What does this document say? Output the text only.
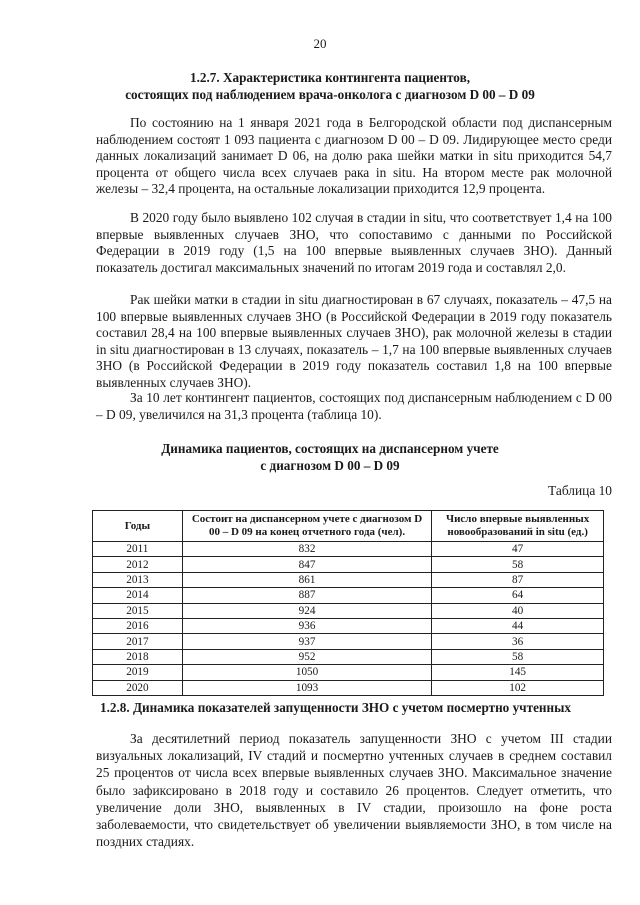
20
1.2.7. Характеристика контингента пациентов,
состоящих под наблюдением врача-онколога с диагнозом D 00 – D 09

По состоянию на 1 января 2021 года в Белгородской области под диспансерным наблюдением состоят 1 093 пациента с диагнозом D 00 – D 09. Лидирующее место среди данных локализаций занимает D 06, на долю рака шейки матки in situ приходится 54,7 процента от общего числа всех случаев рака in situ. На втором месте рак молочной железы – 32,4 процента, на остальные локализации приходится 12,9 процента.

В 2020 году было выявлено 102 случая в стадии in situ, что соответствует 1,4 на 100 впервые выявленных случаев ЗНО, что сопоставимо с данными по Российской Федерации в 2019 году (1,5 на 100 впервые выявленных случаев ЗНО). Данный показатель достигал максимальных значений по итогам 2019 года и составлял 2,0.

Рак шейки матки в стадии in situ диагностирован в 67 случаях, показатель – 47,5 на 100 впервые выявленных случаев ЗНО (в Российской Федерации в 2019 году показатель составил 28,4 на 100 впервые выявленных случаев ЗНО), рак молочной железы в стадии in situ диагностирован в 13 случаях, показатель – 1,7 на 100 впервые выявленных случаев ЗНО (в Российской Федерации в 2019 году показатель составил 1,8 на 100 впервые выявленных случаев ЗНО).

За 10 лет контингент пациентов, состоящих под диспансерным наблюдением с D 00 – D 09, увеличился на 31,3 процента (таблица 10).

Динамика пациентов, состоящих на диспансерном учете
с диагнозом D 00 – D 09
Таблица 10
Годы	Состоит на диспансерном учете с диагнозом D 00 – D 09 на конец отчетного года (чел).	Число впервые выявленных новообразований in situ (ед.)
2011	832	47
2012	847	58
2013	861	87
2014	887	64
2015	924	40
2016	936	44
2017	937	36
2018	952	58
2019	1050	145
2020	1093	102
1.2.8. Динамика показателей запущенности ЗНО с учетом посмертно учтенных

За десятилетний период показатель запущенности ЗНО с учетом III стадии визуальных локализаций, IV стадий и посмертно учтенных случаев в среднем составил 25 процентов от числа всех впервые выявленных случаев ЗНО. Максимальное значение было зафиксировано в 2018 году и составило 26 процентов. Следует отметить, что увеличение доли ЗНО, выявленных в IV стадии, произошло на фоне роста заболеваемости, что свидетельствует об увеличении выявляемости ЗНО, в том числе на поздних стадиях.
